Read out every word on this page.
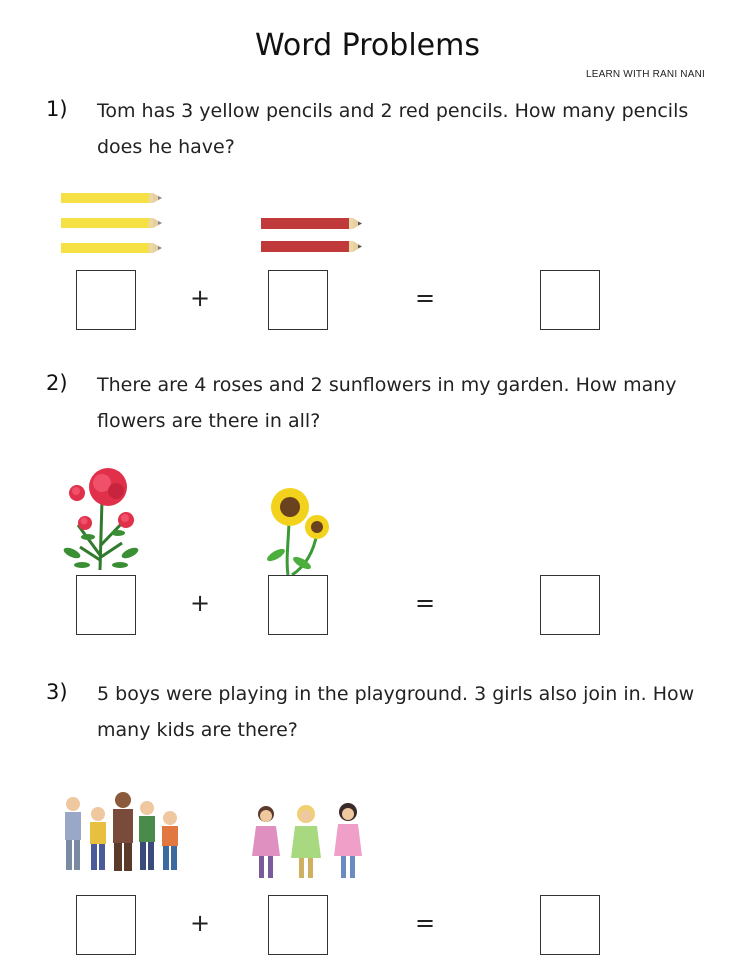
Word Problems
LEARN WITH RANI NANI
1) Tom has 3 yellow pencils and 2 red pencils. How many pencils does he have?
+	=
2) There are 4 roses and 2 sunflowers in my garden. How many flowers are there in all?
+	=
3) 5 boys were playing in the playground. 3 girls also join in. How many kids are there?
+	=
